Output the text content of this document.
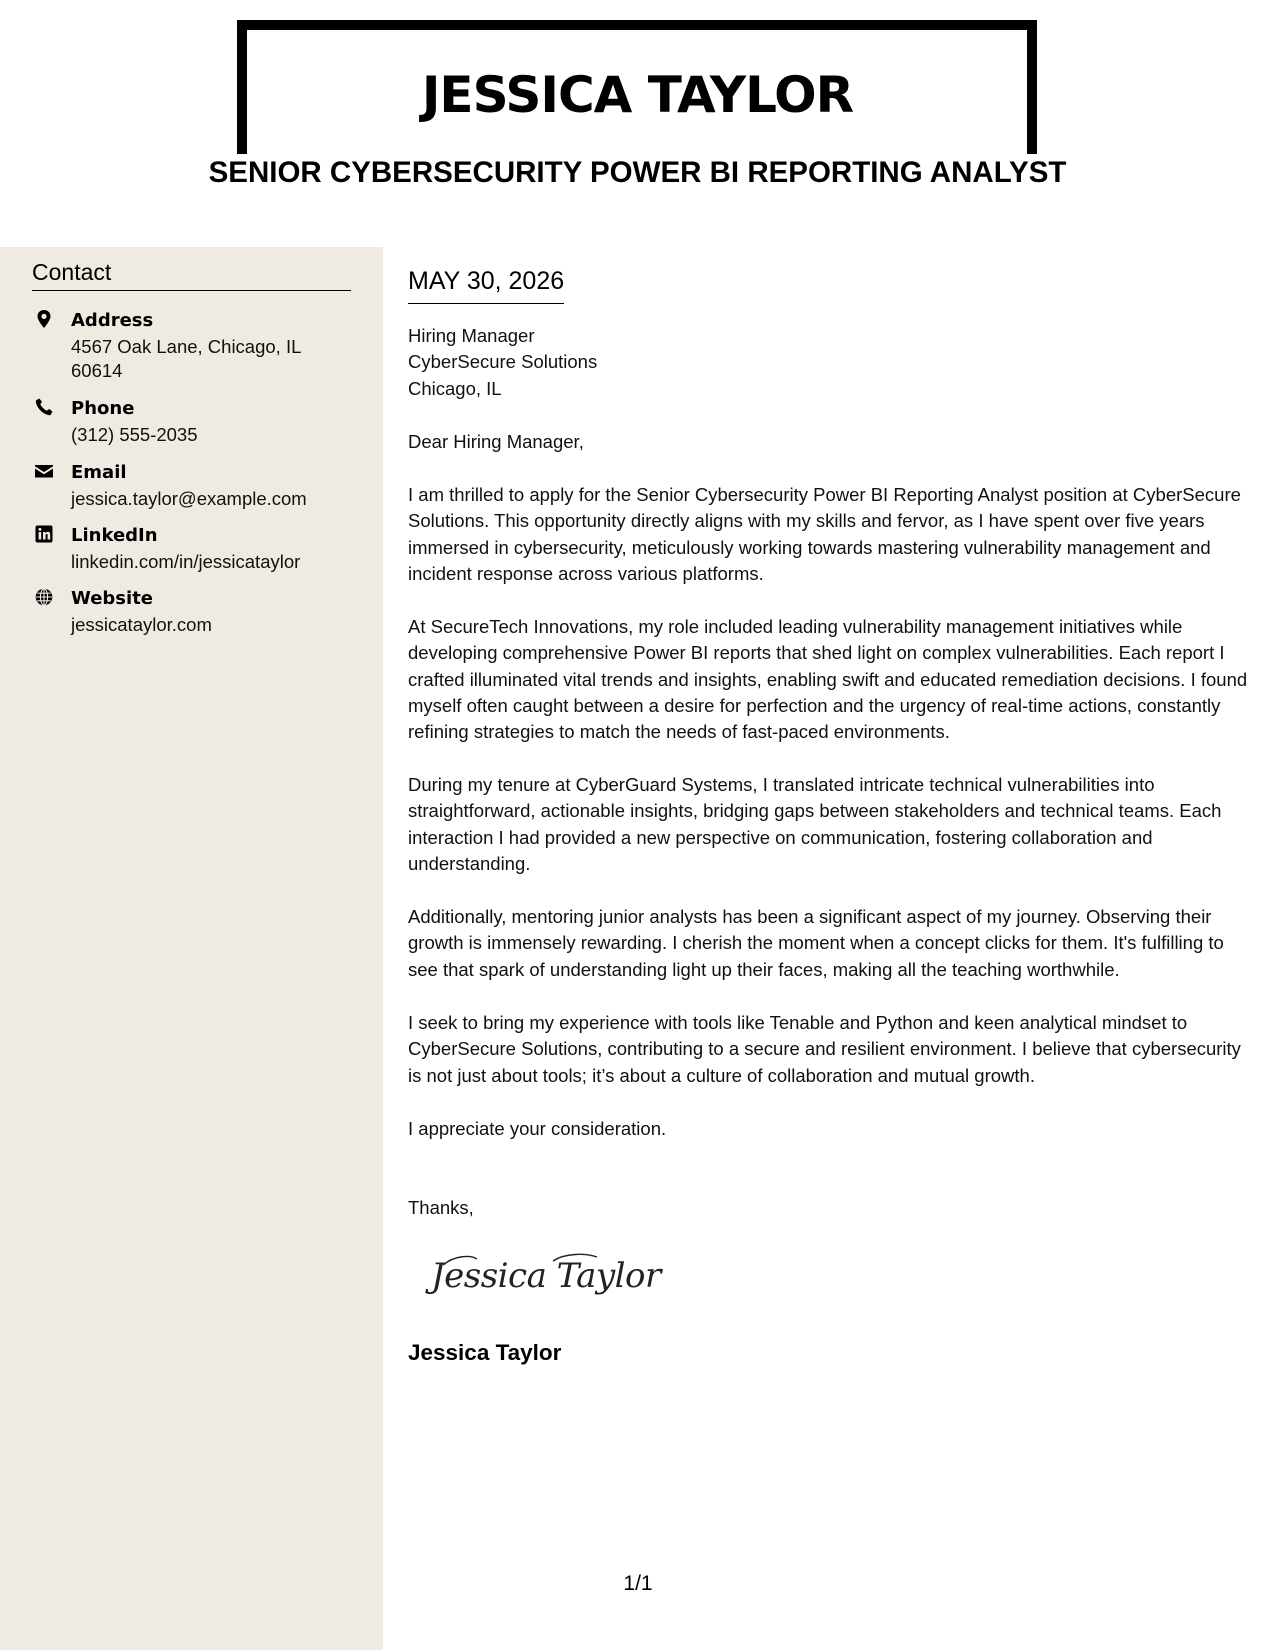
JESSICA TAYLOR
SENIOR CYBERSECURITY POWER BI REPORTING ANALYST
Contact
Address
4567 Oak Lane, Chicago, IL 60614
Phone
(312) 555-2035
Email
jessica.taylor@example.com
LinkedIn
linkedin.com/in/jessicataylor
Website
jessicataylor.com
MAY 30, 2026
Hiring Manager
CyberSecure Solutions
Chicago, IL

Dear Hiring Manager,

I am thrilled to apply for the Senior Cybersecurity Power BI Reporting Analyst position at CyberSecure Solutions. This opportunity directly aligns with my skills and fervor, as I have spent over five years immersed in cybersecurity, meticulously working towards mastering vulnerability management and incident response across various platforms.

At SecureTech Innovations, my role included leading vulnerability management initiatives while developing comprehensive Power BI reports that shed light on complex vulnerabilities. Each report I crafted illuminated vital trends and insights, enabling swift and educated remediation decisions. I found myself often caught between a desire for perfection and the urgency of real-time actions, constantly refining strategies to match the needs of fast-paced environments.

During my tenure at CyberGuard Systems, I translated intricate technical vulnerabilities into straightforward, actionable insights, bridging gaps between stakeholders and technical teams. Each interaction I had provided a new perspective on communication, fostering collaboration and understanding.

Additionally, mentoring junior analysts has been a significant aspect of my journey. Observing their growth is immensely rewarding. I cherish the moment when a concept clicks for them. It's fulfilling to see that spark of understanding light up their faces, making all the teaching worthwhile.

I seek to bring my experience with tools like Tenable and Python and keen analytical mindset to CyberSecure Solutions, contributing to a secure and resilient environment. I believe that cybersecurity is not just about tools; it’s about a culture of collaboration and mutual growth.

I appreciate your consideration.

Thanks,

Jessica Taylor
Jessica Taylor
1/1
